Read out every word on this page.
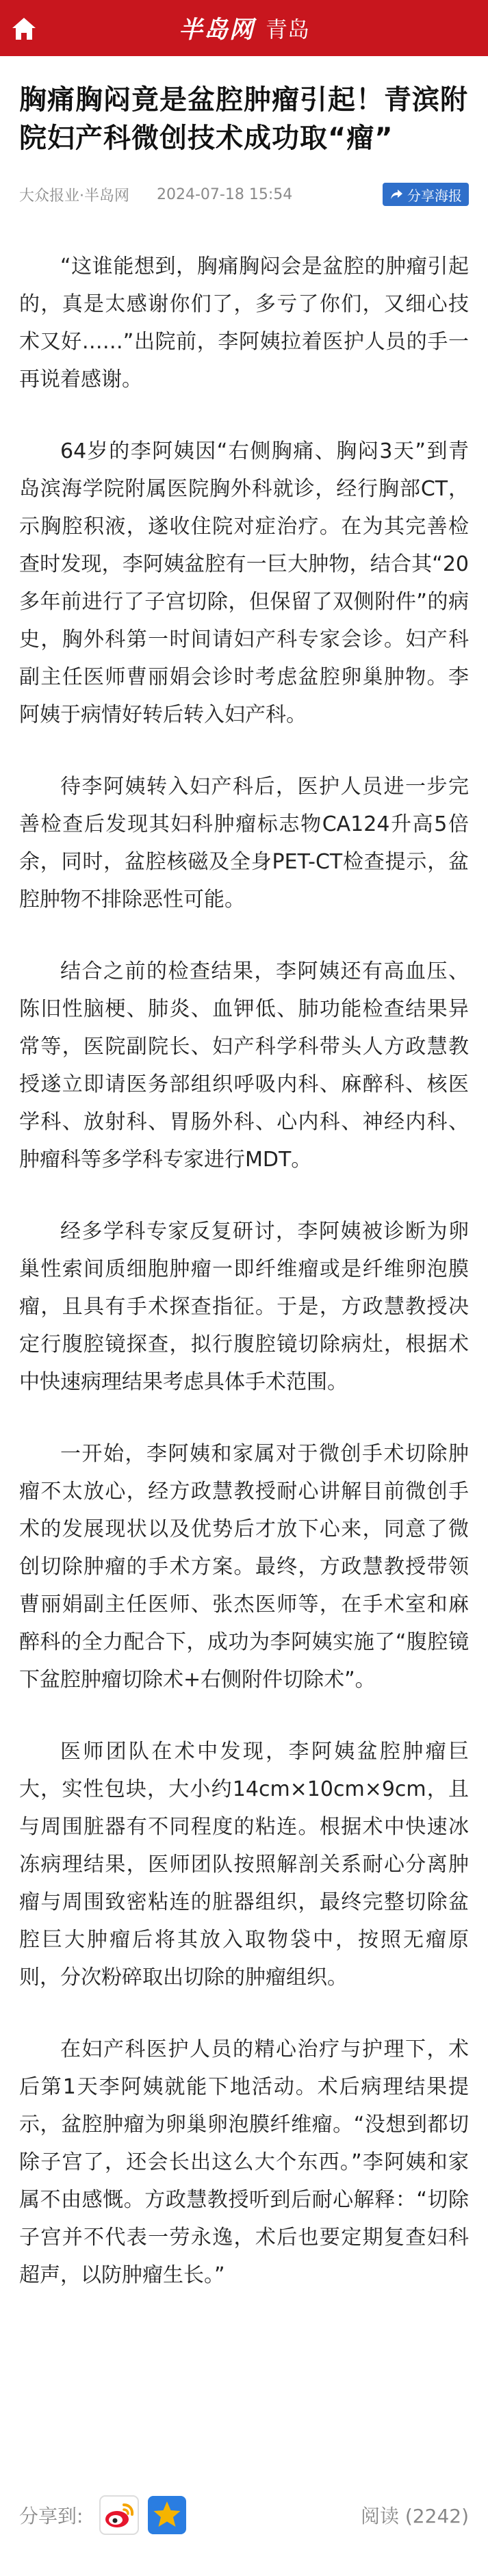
半岛网 青岛
胸痛胸闷竟是盆腔肿瘤引起！青滨附院妇产科微创技术成功取“瘤”
大众报业·半岛网 2024-07-18 15:54	分享海报

“这谁能想到，胸痛胸闷会是盆腔的肿瘤引起的，真是太感谢你们了，多亏了你们，又细心技术又好……”出院前，李阿姨拉着医护人员的手一再说着感谢。

64岁的李阿姨因“右侧胸痛、胸闷3天”到青岛滨海学院附属医院胸外科就诊，经行胸部CT，示胸腔积液，遂收住院对症治疗。在为其完善检查时发现，李阿姨盆腔有一巨大肿物，结合其“20多年前进行了子宫切除，但保留了双侧附件”的病史，胸外科第一时间请妇产科专家会诊。妇产科副主任医师曹丽娟会诊时考虑盆腔卵巢肿物。李阿姨于病情好转后转入妇产科。

待李阿姨转入妇产科后，医护人员进一步完善检查后发现其妇科肿瘤标志物CA124升高5倍余，同时，盆腔核磁及全身PET-CT检查提示，盆腔肿物不排除恶性可能。

结合之前的检查结果，李阿姨还有高血压、陈旧性脑梗、肺炎、血钾低、肺功能检查结果异常等，医院副院长、妇产科学科带头人方政慧教授遂立即请医务部组织呼吸内科、麻醉科、核医学科、放射科、胃肠外科、心内科、神经内科、肿瘤科等多学科专家进行MDT。

经多学科专家反复研讨，李阿姨被诊断为卵巢性索间质细胞肿瘤一即纤维瘤或是纤维卵泡膜瘤，且具有手术探查指征。于是，方政慧教授决定行腹腔镜探查，拟行腹腔镜切除病灶，根据术中快速病理结果考虑具体手术范围。

一开始，李阿姨和家属对于微创手术切除肿瘤不太放心，经方政慧教授耐心讲解目前微创手术的发展现状以及优势后才放下心来，同意了微创切除肿瘤的手术方案。最终，方政慧教授带领曹丽娟副主任医师、张杰医师等，在手术室和麻醉科的全力配合下，成功为李阿姨实施了“腹腔镜下盆腔肿瘤切除术+右侧附件切除术”。

医师团队在术中发现，李阿姨盆腔肿瘤巨大，实性包块，大小约14cm×10cm×9cm，且与周围脏器有不同程度的粘连。根据术中快速冰冻病理结果，医师团队按照解剖关系耐心分离肿瘤与周围致密粘连的脏器组织，最终完整切除盆腔巨大肿瘤后将其放入取物袋中，按照无瘤原则，分次粉碎取出切除的肿瘤组织。

在妇产科医护人员的精心治疗与护理下，术后第1天李阿姨就能下地活动。术后病理结果提示，盆腔肿瘤为卵巢卵泡膜纤维瘤。“没想到都切除子宫了，还会长出这么大个东西。”李阿姨和家属不由感慨。方政慧教授听到后耐心解释：“切除子宫并不代表一劳永逸，术后也要定期复查妇科超声，以防肿瘤生长。”

分享到:	阅读 (2242)
